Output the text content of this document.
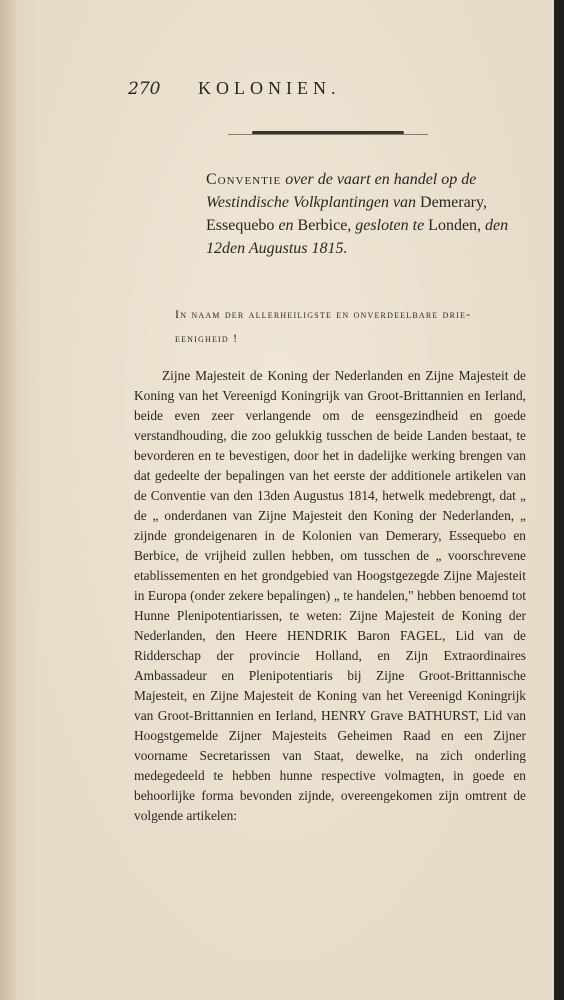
270	KOLONIEN.
Conventie over de vaart en handel op de Westindische Volkplantingen van Demerary, Essequebo en Berbice, gesloten te Londen, den 12den Augustus 1815.
In naam der allerheiligste en onverdeelbare drie-eenigheid !

Zijne Majesteit de Koning der Nederlanden en Zijne Majesteit de Koning van het Vereenigd Koningrijk van Groot-Brittannien en Ierland, beide even zeer verlangende om de eensgezindheid en goede verstandhouding, die zoo gelukkig tusschen de beide Landen bestaat, te bevorderen en te bevestigen, door het in dadelijke werking brengen van dat gedeelte der bepalingen van het eerste der additionele artikelen van de Conventie van den 13den Augustus 1814, hetwelk medebrengt, dat „ de „ onderdanen van Zijne Majesteit den Koning der Nederlanden, „ zijnde grondeigenaren in de Kolonien van Demerary, Essequebo en Berbice, de vrijheid zullen hebben, om tusschen de „ voorschrevene etablissementen en het grondgebied van Hoogstgezegde Zijne Majesteit in Europa (onder zekere bepalingen) „ te handelen," hebben benoemd tot Hunne Plenipotentiarissen, te weten: Zijne Majesteit de Koning der Nederlanden, den Heere HENDRIK Baron FAGEL, Lid van de Ridderschap der provincie Holland, en Zijn Extraordinaires Ambassadeur en Plenipotentiaris bij Zijne Groot-Brittannische Majesteit, en Zijne Majesteit de Koning van het Vereenigd Koningrijk van Groot-Brittannien en Ierland, HENRY Grave BATHURST, Lid van Hoogstgemelde Zijner Majesteits Geheimen Raad en een Zijner voorname Secretarissen van Staat, dewelke, na zich onderling medegedeeld te hebben hunne respective volmagten, in goede en behoorlijke forma bevonden zijnde, overeengekomen zijn omtrent de volgende artikelen:
